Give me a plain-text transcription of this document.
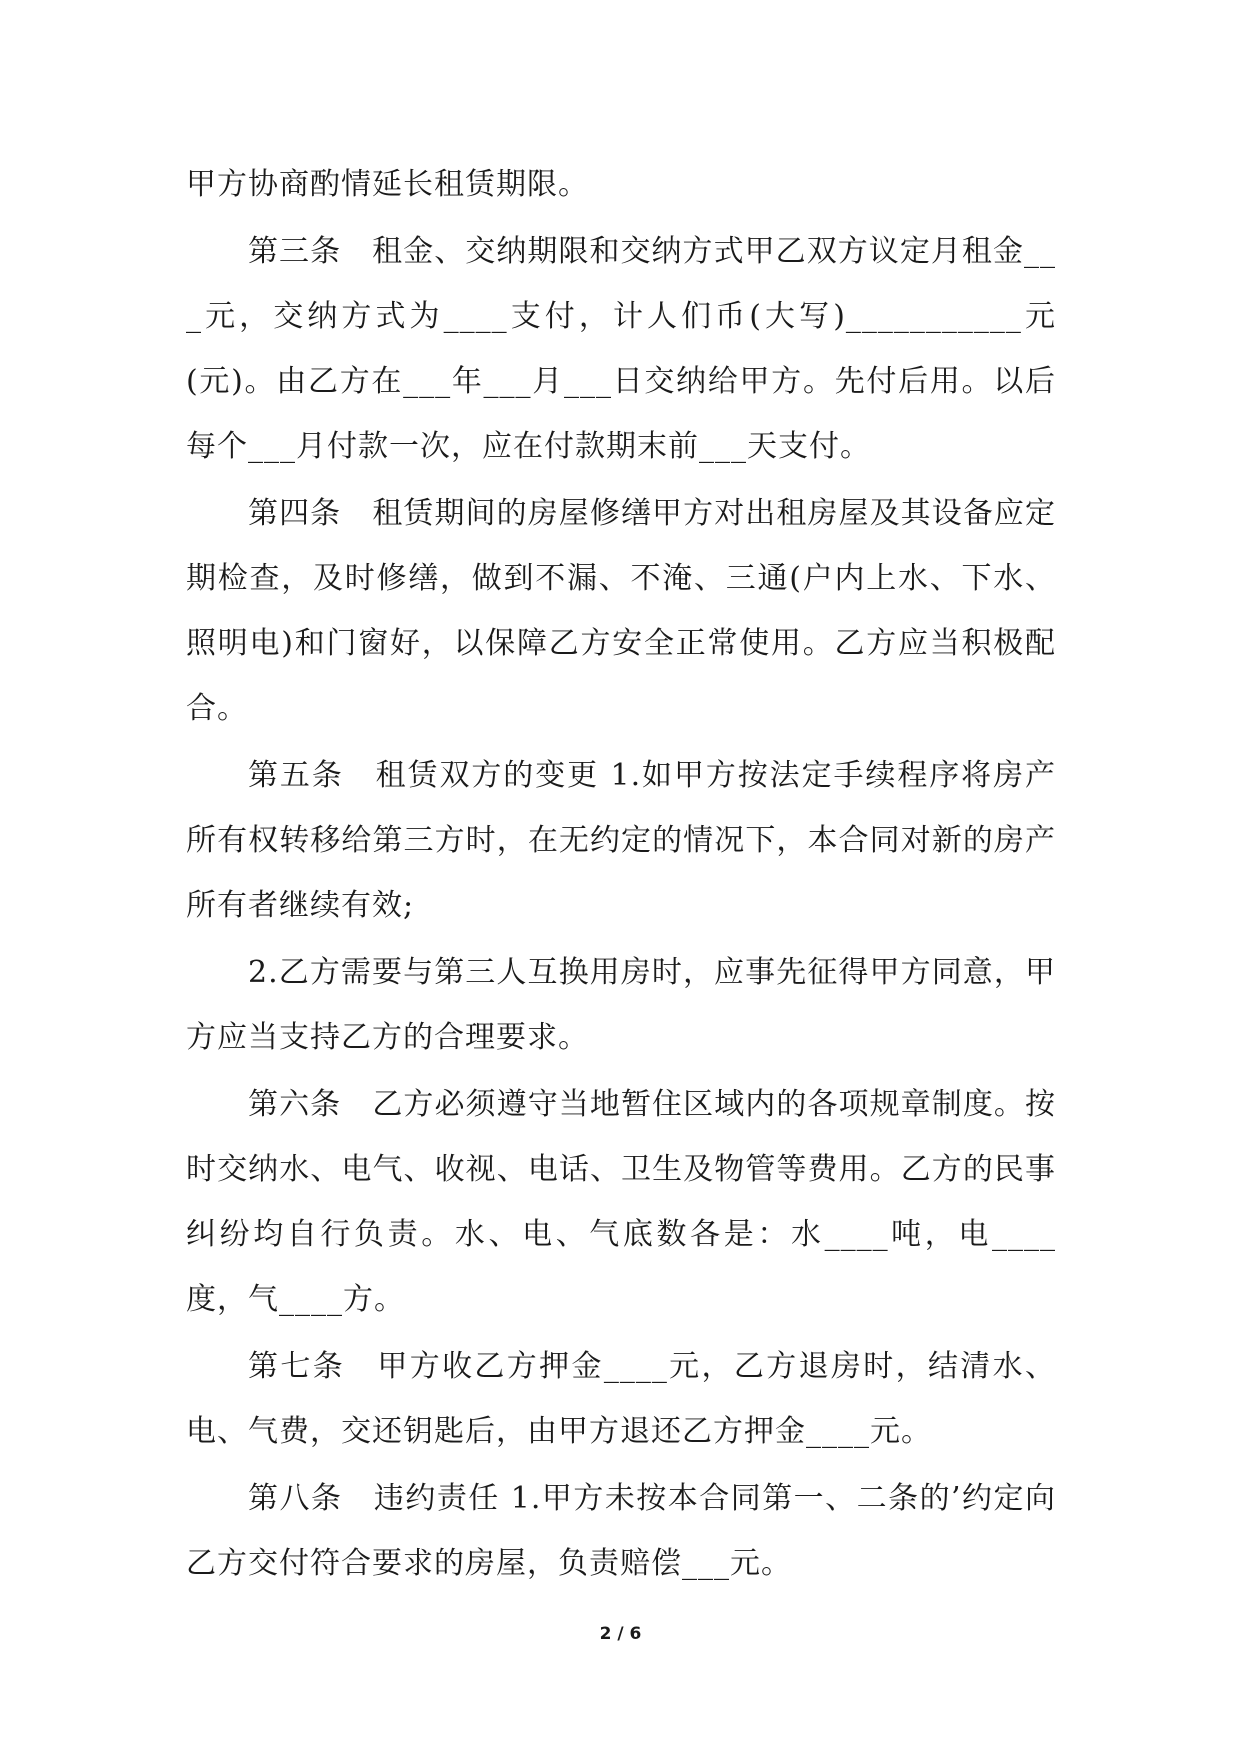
甲方协商酌情延长租赁期限。

第三条　租金、交纳期限和交纳方式甲乙双方议定月租金___元，交纳方式为____支付，计人们币(大写)___________元(元)。由乙方在___年___月___日交纳给甲方。先付后用。以后每个___月付款一次，应在付款期末前___天支付。

第四条　租赁期间的房屋修缮甲方对出租房屋及其设备应定期检查，及时修缮，做到不漏、不淹、三通(户内上水、下水、照明电)和门窗好，以保障乙方安全正常使用。乙方应当积极配合。

第五条　租赁双方的变更 1.如甲方按法定手续程序将房产所有权转移给第三方时，在无约定的情况下，本合同对新的房产所有者继续有效;

2.乙方需要与第三人互换用房时，应事先征得甲方同意，甲方应当支持乙方的合理要求。

第六条　乙方必须遵守当地暂住区域内的各项规章制度。按时交纳水、电气、收视、电话、卫生及物管等费用。乙方的民事纠纷均自行负责。水、电、气底数各是：水____吨，电____度，气____方。

第七条　甲方收乙方押金____元，乙方退房时，结清水、电、气费，交还钥匙后，由甲方退还乙方押金____元。

第八条　违约责任 1.甲方未按本合同第一、二条的’约定向乙方交付符合要求的房屋，负责赔偿___元。

2 / 6
